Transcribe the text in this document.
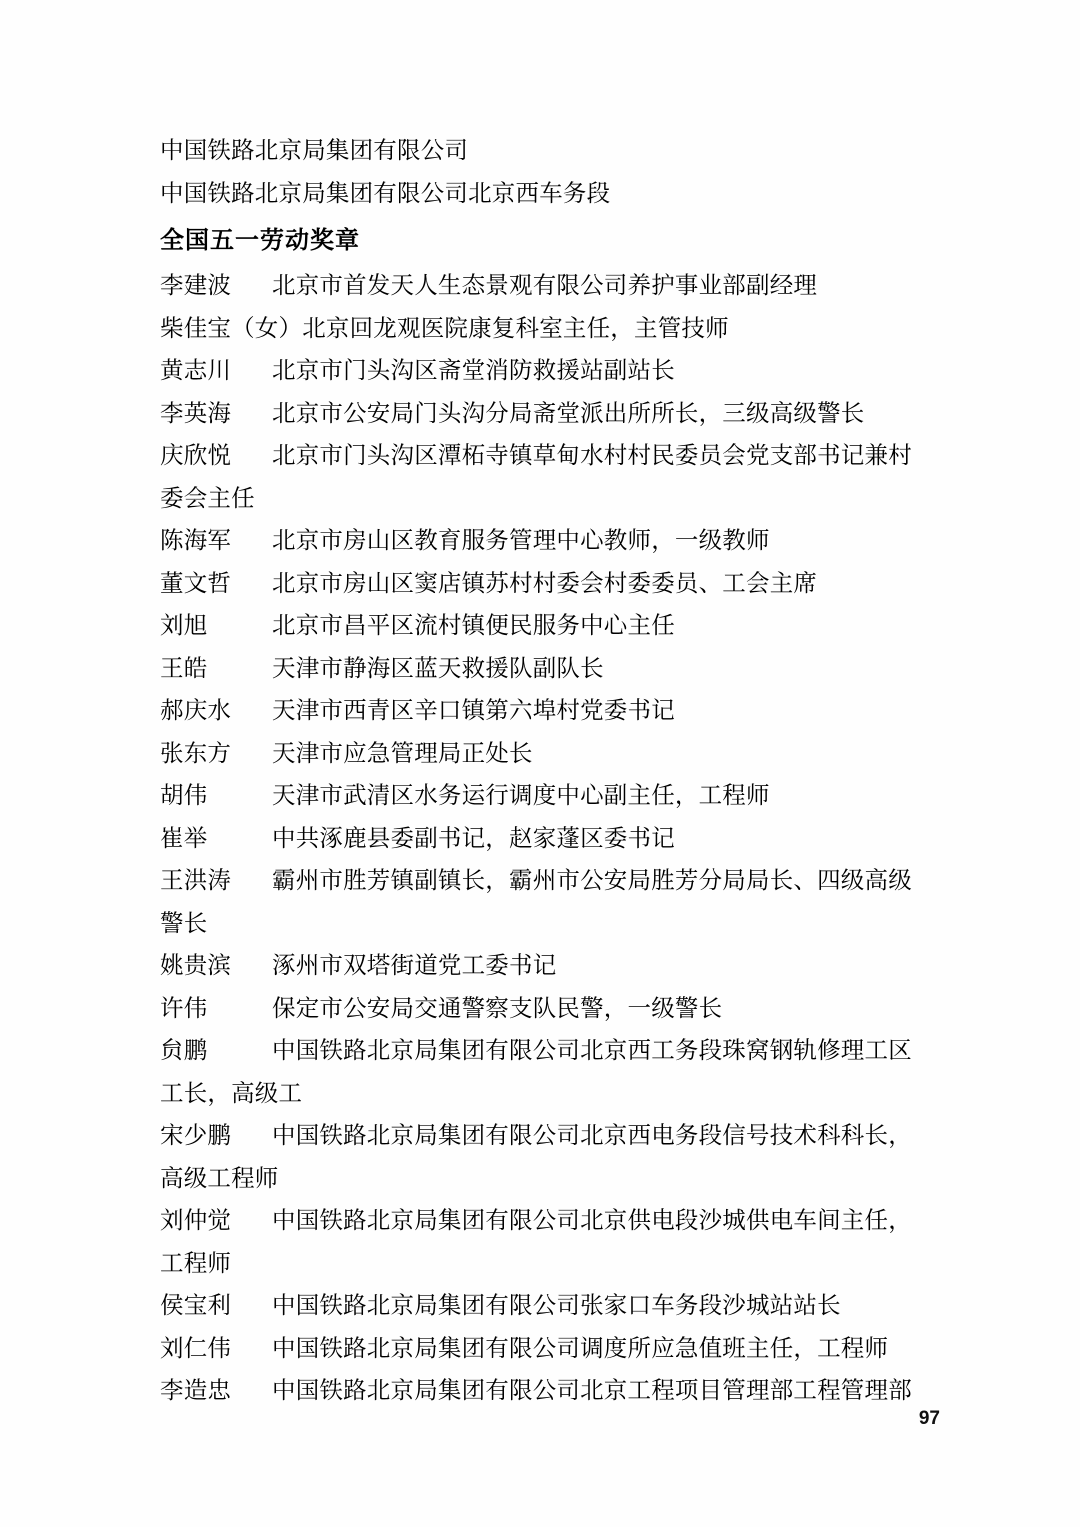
中国铁路北京局集团有限公司
中国铁路北京局集团有限公司北京西车务段
全国五一劳动奖章
李建波 北京市首发天人生态景观有限公司养护事业部副经理
柴佳宝（女）北京回龙观医院康复科室主任，主管技师
黄志川 北京市门头沟区斋堂消防救援站副站长
李英海 北京市公安局门头沟分局斋堂派出所所长，三级高级警长
庆欣悦 北京市门头沟区潭柘寺镇草甸水村村民委员会党支部书记兼村委会主任
陈海军 北京市房山区教育服务管理中心教师，一级教师
董文哲 北京市房山区窦店镇苏村村委会村委委员、工会主席
刘旭	北京市昌平区流村镇便民服务中心主任
王皓	天津市静海区蓝天救援队副队长
郝庆水 天津市西青区辛口镇第六埠村党委书记
张东方 天津市应急管理局正处长
胡伟	天津市武清区水务运行调度中心副主任，工程师
崔举	中共涿鹿县委副书记，赵家蓬区委书记
王洪涛 霸州市胜芳镇副镇长，霸州市公安局胜芳分局局长、四级高级警长
姚贵滨 涿州市双塔街道党工委书记
许伟	保定市公安局交通警察支队民警，一级警长
贠鹏	中国铁路北京局集团有限公司北京西工务段珠窝钢轨修理工区工长，高级工
宋少鹏 中国铁路北京局集团有限公司北京西电务段信号技术科科长，高级工程师
刘仲觉 中国铁路北京局集团有限公司北京供电段沙城供电车间主任，工程师
侯宝利 中国铁路北京局集团有限公司张家口车务段沙城站站长
刘仁伟 中国铁路北京局集团有限公司调度所应急值班主任，工程师
李造忠 中国铁路北京局集团有限公司北京工程项目管理部工程管理部
97
